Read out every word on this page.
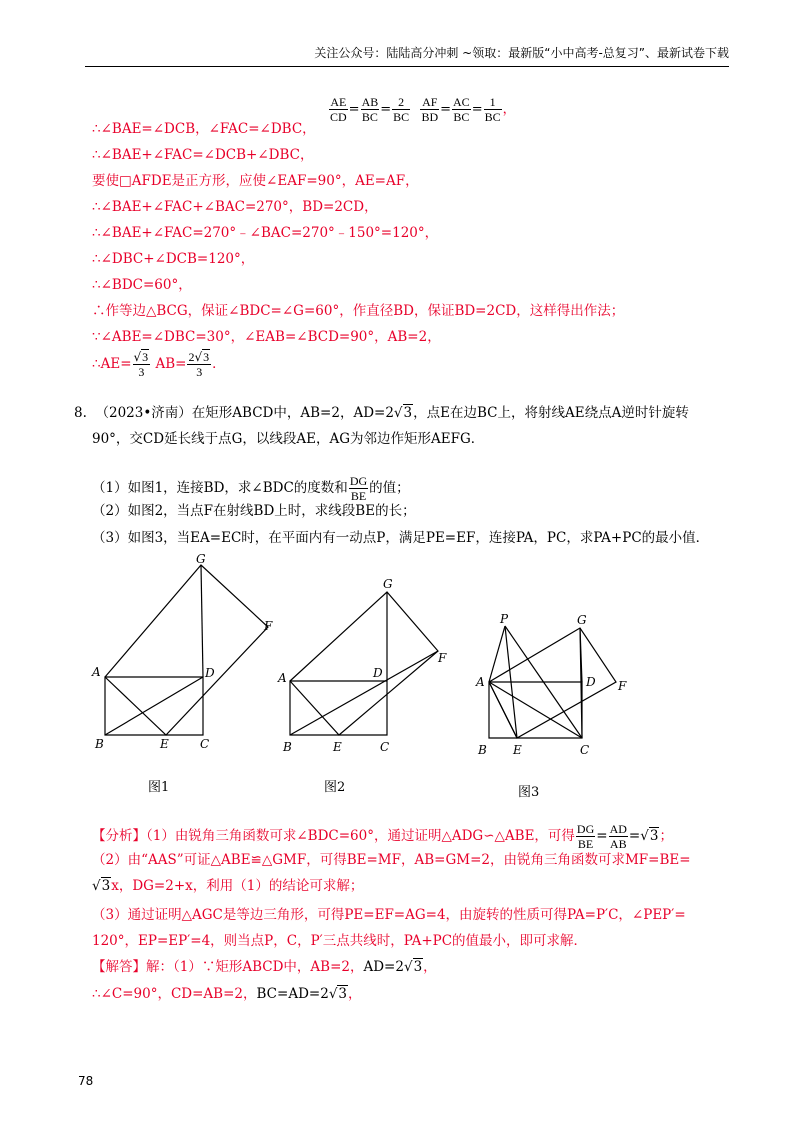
关注公众号：陆陆高分冲刺 ~领取：最新版“小中高考-总复习”、最新试卷下载
$\frac{AE}{CD} = \frac{AB}{BC} = \frac{2}{BC}$
$\frac{AF}{BD} = \frac{AC}{BC} = \frac{1}{BC}$ ，
∴∠BAE=∠DCB，∠FAC=∠DBC，
∴∠BAE+∠FAC=∠DCB+∠DBC，
要使□AFDE是正方形，应使∠EAF=90°，AE=AF，
∴∠BAE+∠FAC+∠BAC=270°，BD=2CD，
∴∠BAE+∠FAC=270°﹣∠BAC=270°﹣150°=120°，
∴∠DBC+∠DCB=120°，
∴∠BDC=60°，
∴作等边△BCG，保证∠BDC=∠G=60°，作直径BD，保证BD=2CD，这样得出作法；
∵∠ABE=∠DBC=30°，∠EAB=∠BCD=90°，AB=2，
∴AE= $\frac{√3}{3} AB= \frac{2√3}{3}$ ．
8. （2023•济南）在矩形ABCD中，AB=2，AD=2√3，点E在边BC上，将射线AE绕点A逆时针旋转
90°，交CD延长线于点G，以线段AE，AG为邻边作矩形AEFG．
（1）如图1，连接BD，求∠BDC的度数和 $\frac{DG}{BE}$ 的值；
（2）如图2，当点F在射线BD上时，求线段BE的长；
（3）如图3，当EA=EC时，在平面内有一动点P，满足PE=EF，连接PA，PC，求PA+PC的最小值．
G
F
A	D
B	E	C
G
F
A	D
B	E	C
P	G
F
A	D
B E	C
图1	图2	图3
【分析】（1）由锐角三角函数可求∠BDC=60°，通过证明△ADG∽△ABE，可得 $\frac{DG}{BE} = \frac{AD}{AB} =√3$；
（2）由“AAS”可证△ABE≌△GMF，可得BE=MF，AB=GM=2，由锐角三角函数可求MF=BE=
√3x，DG=2+x，利用（1）的结论可求解；
（3）通过证明△AGC是等边三角形，可得PE=EF=AG=4，由旋转的性质可得PA=P′C，∠PEP′=
120°，EP=EP′=4，则当点P，C，P′三点共线时，PA+PC的值最小，即可求解．
【解答】解：（1）∵矩形ABCD中，AB=2，AD=2√3，
∴∠C=90°，CD=AB=2，BC=AD=2√3，
78
